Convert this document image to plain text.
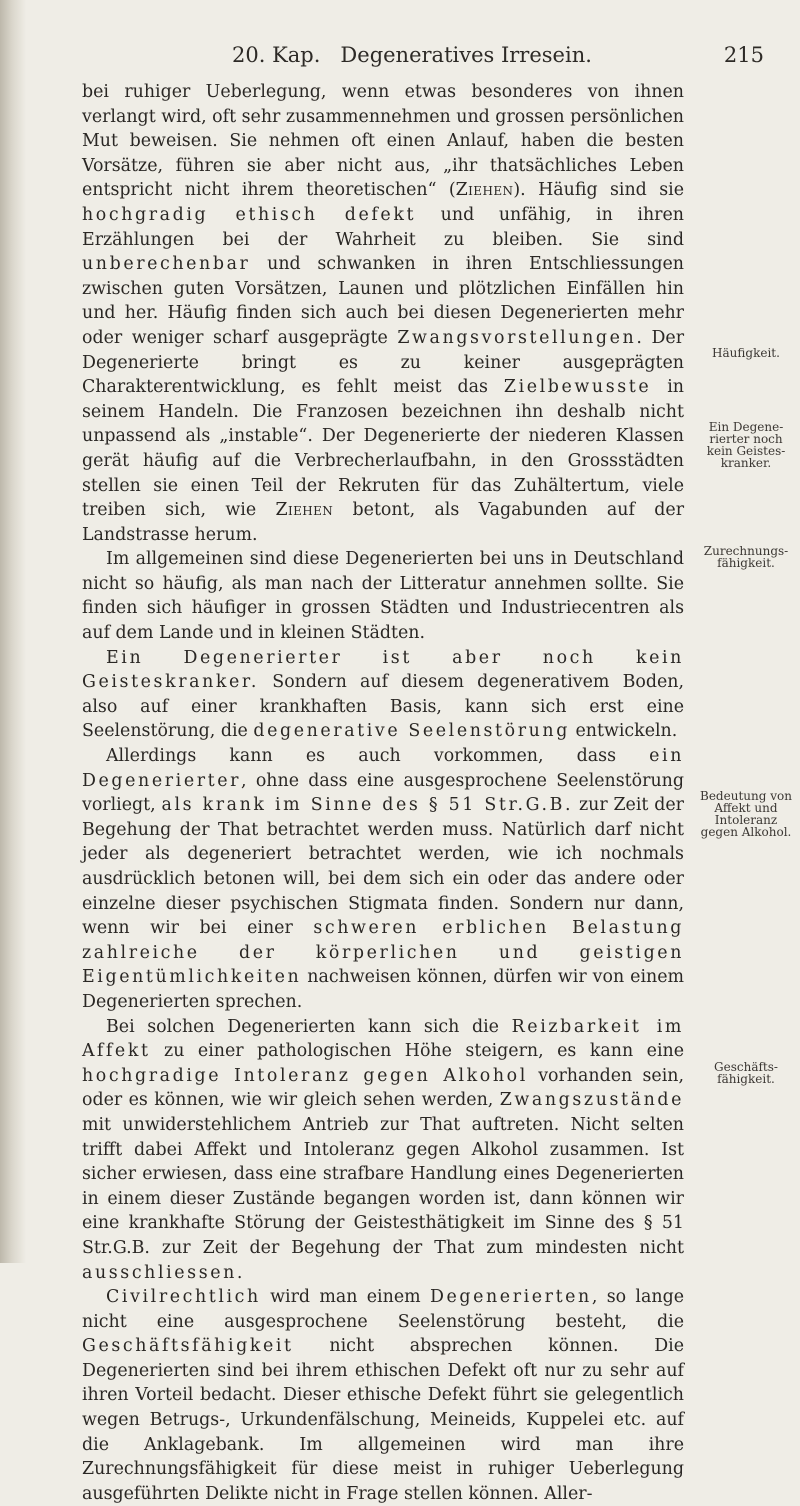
20. Kap.   Degeneratives Irresein.	215

bei ruhiger Ueberlegung, wenn etwas besonderes von ihnen verlangt wird, oft sehr zusammennehmen und grossen persönlichen Mut beweisen. Sie nehmen oft einen Anlauf, haben die besten Vorsätze, führen sie aber nicht aus, „ihr thatsächliches Leben entspricht nicht ihrem theoretischen“ (Ziehen). Häufig sind sie hochgradig ethisch defekt und unfähig, in ihren Erzählungen bei der Wahrheit zu bleiben. Sie sind unberechenbar und schwanken in ihren Entschliessungen zwischen guten Vorsätzen, Launen und plötzlichen Einfällen hin und her. Häufig finden sich auch bei diesen Degenerierten mehr oder weniger scharf ausgeprägte Zwangsvorstellungen. Der Degenerierte bringt es zu keiner ausgeprägten Charakterentwicklung, es fehlt meist das Zielbewusste in seinem Handeln. Die Franzosen bezeichnen ihn deshalb nicht unpassend als „instable“. Der Degenerierte der niederen Klassen gerät häufig auf die Verbrecherlaufbahn, in den Grossstädten stellen sie einen Teil der Rekruten für das Zuhältertum, viele treiben sich, wie Ziehen betont, als Vagabunden auf der Landstrasse herum.

Im allgemeinen sind diese Degenerierten bei uns in Deutschland nicht so häufig, als man nach der Litteratur annehmen sollte. Sie finden sich häufiger in grossen Städten und Industriecentren als auf dem Lande und in kleinen Städten.

Ein Degenerierter ist aber noch kein Geisteskranker. Sondern auf diesem degenerativem Boden, also auf einer krankhaften Basis, kann sich erst eine Seelenstörung, die degenerative Seelenstörung entwickeln.

Allerdings kann es auch vorkommen, dass ein Degenerierter, ohne dass eine ausgesprochene Seelenstörung vorliegt, als krank im Sinne des § 51 Str.G.B. zur Zeit der Begehung der That betrachtet werden muss. Natürlich darf nicht jeder als degeneriert betrachtet werden, wie ich nochmals ausdrücklich betonen will, bei dem sich ein oder das andere oder einzelne dieser psychischen Stigmata finden. Sondern nur dann, wenn wir bei einer schweren erblichen Belastung zahlreiche der körperlichen und geistigen Eigentümlichkeiten nachweisen können, dürfen wir von einem Degenerierten sprechen.

Bei solchen Degenerierten kann sich die Reizbarkeit im Affekt zu einer pathologischen Höhe steigern, es kann eine hochgradige Intoleranz gegen Alkohol vorhanden sein, oder es können, wie wir gleich sehen werden, Zwangszustände mit unwiderstehlichem Antrieb zur That auftreten. Nicht selten trifft dabei Affekt und Intoleranz gegen Alkohol zusammen. Ist sicher erwiesen, dass eine strafbare Handlung eines Degenerierten in einem dieser Zustände begangen worden ist, dann können wir eine krankhafte Störung der Geistesthätigkeit im Sinne des § 51 Str.G.B. zur Zeit der Begehung der That zum mindesten nicht ausschliessen.

Civilrechtlich wird man einem Degenerierten, so lange nicht eine ausgesprochene Seelenstörung besteht, die Geschäftsfähigkeit nicht absprechen können. Die Degenerierten sind bei ihrem ethischen Defekt oft nur zu sehr auf ihren Vorteil bedacht. Dieser ethische Defekt führt sie gelegentlich wegen Betrugs-, Urkundenfälschung, Meineids, Kuppelei etc. auf die Anklagebank. Im allgemeinen wird man ihre Zurechnungsfähigkeit für diese meist in ruhiger Ueberlegung ausgeführten Delikte nicht in Frage stellen können. Aller-

Häufigkeit.
Ein Degene-
rierter noch
kein Geistes-
kranker.
Zurechnungs-
fähigkeit.
Bedeutung von
Affekt und
Intoleranz
gegen Alkohol.
Geschäfts-
fähigkeit.
